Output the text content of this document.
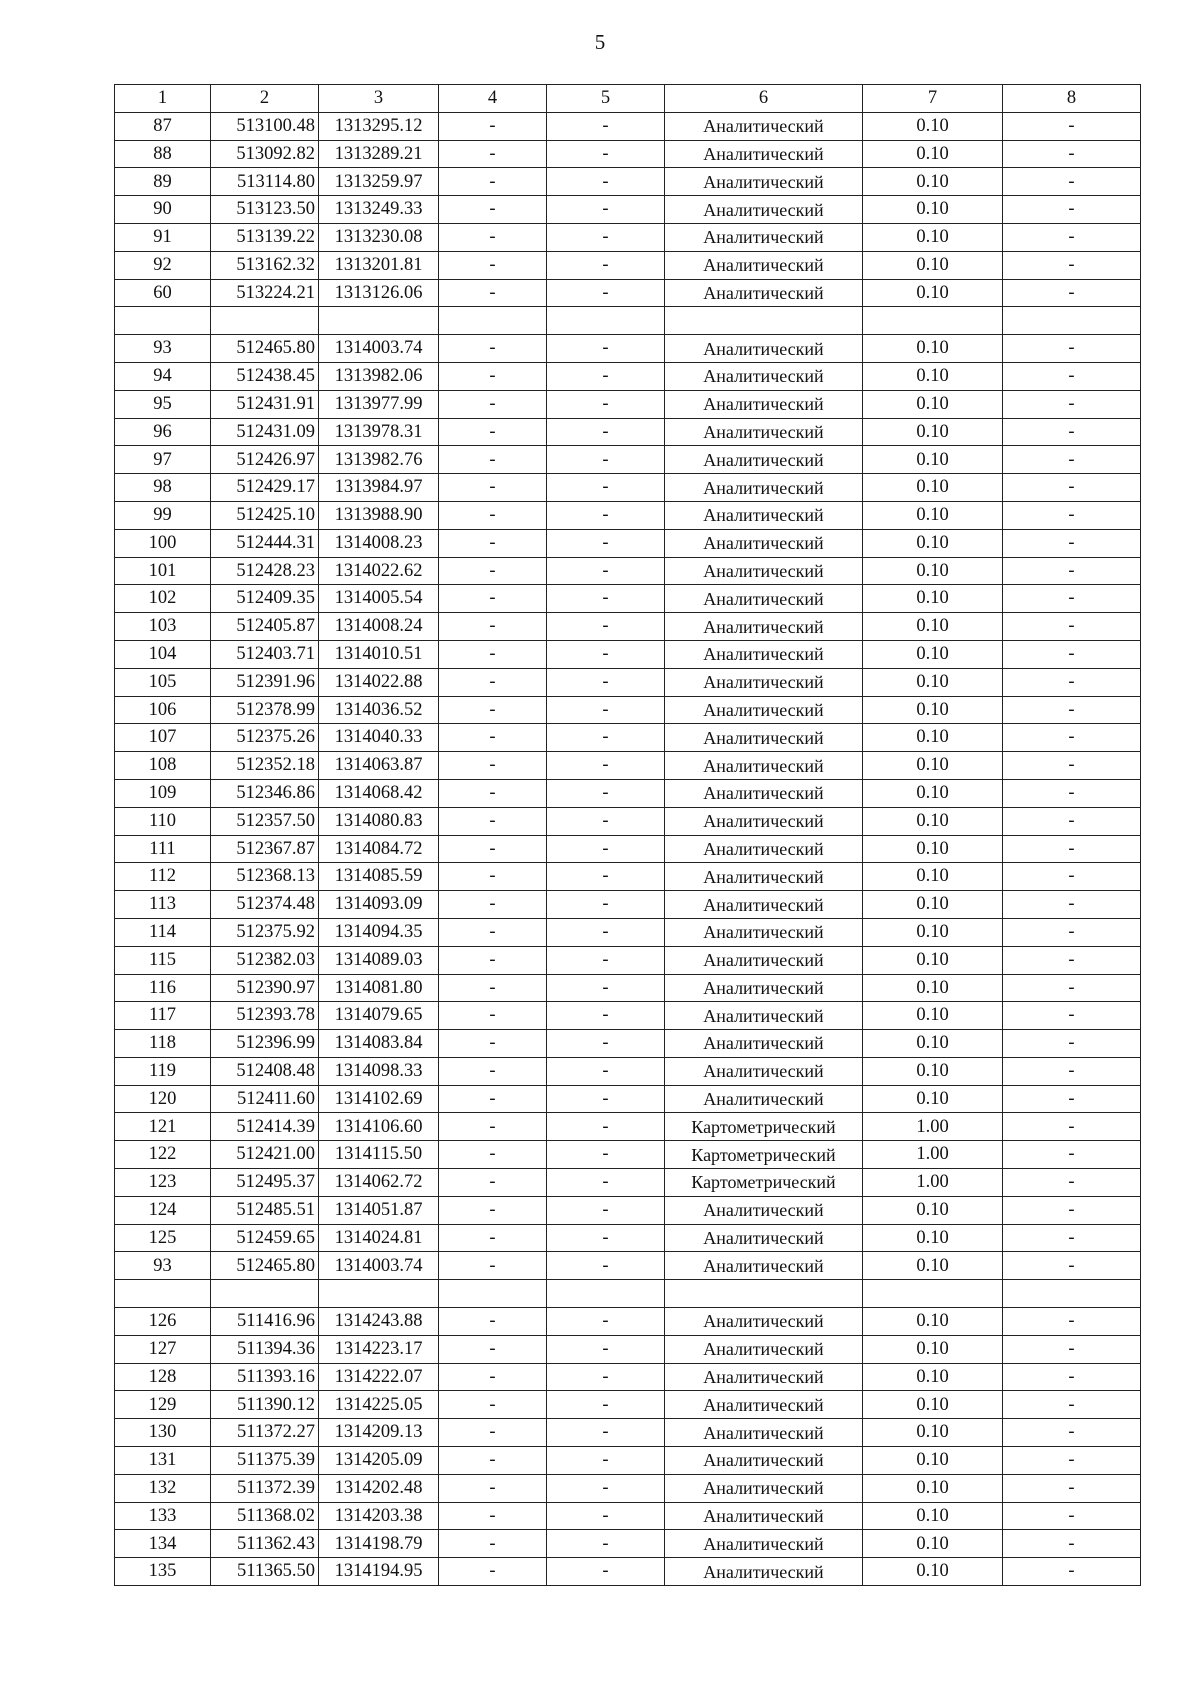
5
1	2	3	4	5	6	7	8
87	513100.48	1313295.12	-	-	Аналитический	0.10	-
88	513092.82	1313289.21	-	-	Аналитический	0.10	-
89	513114.80	1313259.97	-	-	Аналитический	0.10	-
90	513123.50	1313249.33	-	-	Аналитический	0.10	-
91	513139.22	1313230.08	-	-	Аналитический	0.10	-
92	513162.32	1313201.81	-	-	Аналитический	0.10	-
60	513224.21	1313126.06	-	-	Аналитический	0.10	-

93	512465.80	1314003.74	-	-	Аналитический	0.10	-
94	512438.45	1313982.06	-	-	Аналитический	0.10	-
95	512431.91	1313977.99	-	-	Аналитический	0.10	-
96	512431.09	1313978.31	-	-	Аналитический	0.10	-
97	512426.97	1313982.76	-	-	Аналитический	0.10	-
98	512429.17	1313984.97	-	-	Аналитический	0.10	-
99	512425.10	1313988.90	-	-	Аналитический	0.10	-
100	512444.31	1314008.23	-	-	Аналитический	0.10	-
101	512428.23	1314022.62	-	-	Аналитический	0.10	-
102	512409.35	1314005.54	-	-	Аналитический	0.10	-
103	512405.87	1314008.24	-	-	Аналитический	0.10	-
104	512403.71	1314010.51	-	-	Аналитический	0.10	-
105	512391.96	1314022.88	-	-	Аналитический	0.10	-
106	512378.99	1314036.52	-	-	Аналитический	0.10	-
107	512375.26	1314040.33	-	-	Аналитический	0.10	-
108	512352.18	1314063.87	-	-	Аналитический	0.10	-
109	512346.86	1314068.42	-	-	Аналитический	0.10	-
110	512357.50	1314080.83	-	-	Аналитический	0.10	-
111	512367.87	1314084.72	-	-	Аналитический	0.10	-
112	512368.13	1314085.59	-	-	Аналитический	0.10	-
113	512374.48	1314093.09	-	-	Аналитический	0.10	-
114	512375.92	1314094.35	-	-	Аналитический	0.10	-
115	512382.03	1314089.03	-	-	Аналитический	0.10	-
116	512390.97	1314081.80	-	-	Аналитический	0.10	-
117	512393.78	1314079.65	-	-	Аналитический	0.10	-
118	512396.99	1314083.84	-	-	Аналитический	0.10	-
119	512408.48	1314098.33	-	-	Аналитический	0.10	-
120	512411.60	1314102.69	-	-	Аналитический	0.10	-
121	512414.39	1314106.60	-	-	Картометрический	1.00	-
122	512421.00	1314115.50	-	-	Картометрический	1.00	-
123	512495.37	1314062.72	-	-	Картометрический	1.00	-
124	512485.51	1314051.87	-	-	Аналитический	0.10	-
125	512459.65	1314024.81	-	-	Аналитический	0.10	-
93	512465.80	1314003.74	-	-	Аналитический	0.10	-

126	511416.96	1314243.88	-	-	Аналитический	0.10	-
127	511394.36	1314223.17	-	-	Аналитический	0.10	-
128	511393.16	1314222.07	-	-	Аналитический	0.10	-
129	511390.12	1314225.05	-	-	Аналитический	0.10	-
130	511372.27	1314209.13	-	-	Аналитический	0.10	-
131	511375.39	1314205.09	-	-	Аналитический	0.10	-
132	511372.39	1314202.48	-	-	Аналитический	0.10	-
133	511368.02	1314203.38	-	-	Аналитический	0.10	-
134	511362.43	1314198.79	-	-	Аналитический	0.10	-
135	511365.50	1314194.95	-	-	Аналитический	0.10	-
